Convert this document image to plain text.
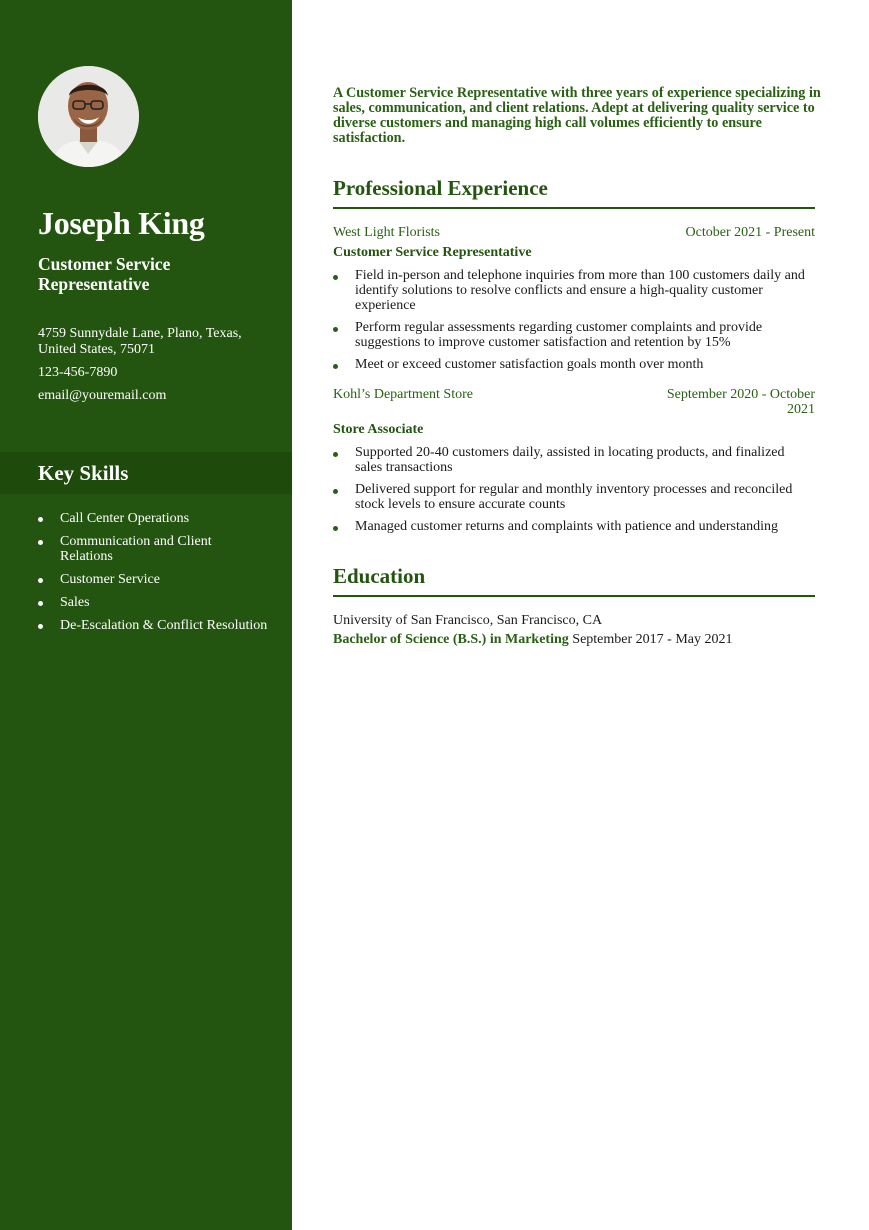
Joseph King
Customer Service Representative
4759 Sunnydale Lane, Plano, Texas, United States, 75071
123-456-7890
email@youremail.com
Key Skills
Call Center Operations
Communication and Client Relations
Customer Service
Sales
De-Escalation & Conflict Resolution

A Customer Service Representative with three years of experience specializing in sales, communication, and client relations. Adept at delivering quality service to diverse customers and managing high call volumes efficiently to ensure satisfaction.

Professional Experience
West Light Florists	October 2021 - Present
Customer Service Representative
Field in-person and telephone inquiries from more than 100 customers daily and identify solutions to resolve conflicts and ensure a high-quality customer experience
Perform regular assessments regarding customer complaints and provide suggestions to improve customer satisfaction and retention by 15%
Meet or exceed customer satisfaction goals month over month
Kohl’s Department Store	September 2020 - October 2021
Store Associate
Supported 20-40 customers daily, assisted in locating products, and finalized sales transactions
Delivered support for regular and monthly inventory processes and reconciled stock levels to ensure accurate counts
Managed customer returns and complaints with patience and understanding
Education
University of San Francisco, San Francisco, CA
Bachelor of Science (B.S.) in Marketing September 2017 - May 2021
